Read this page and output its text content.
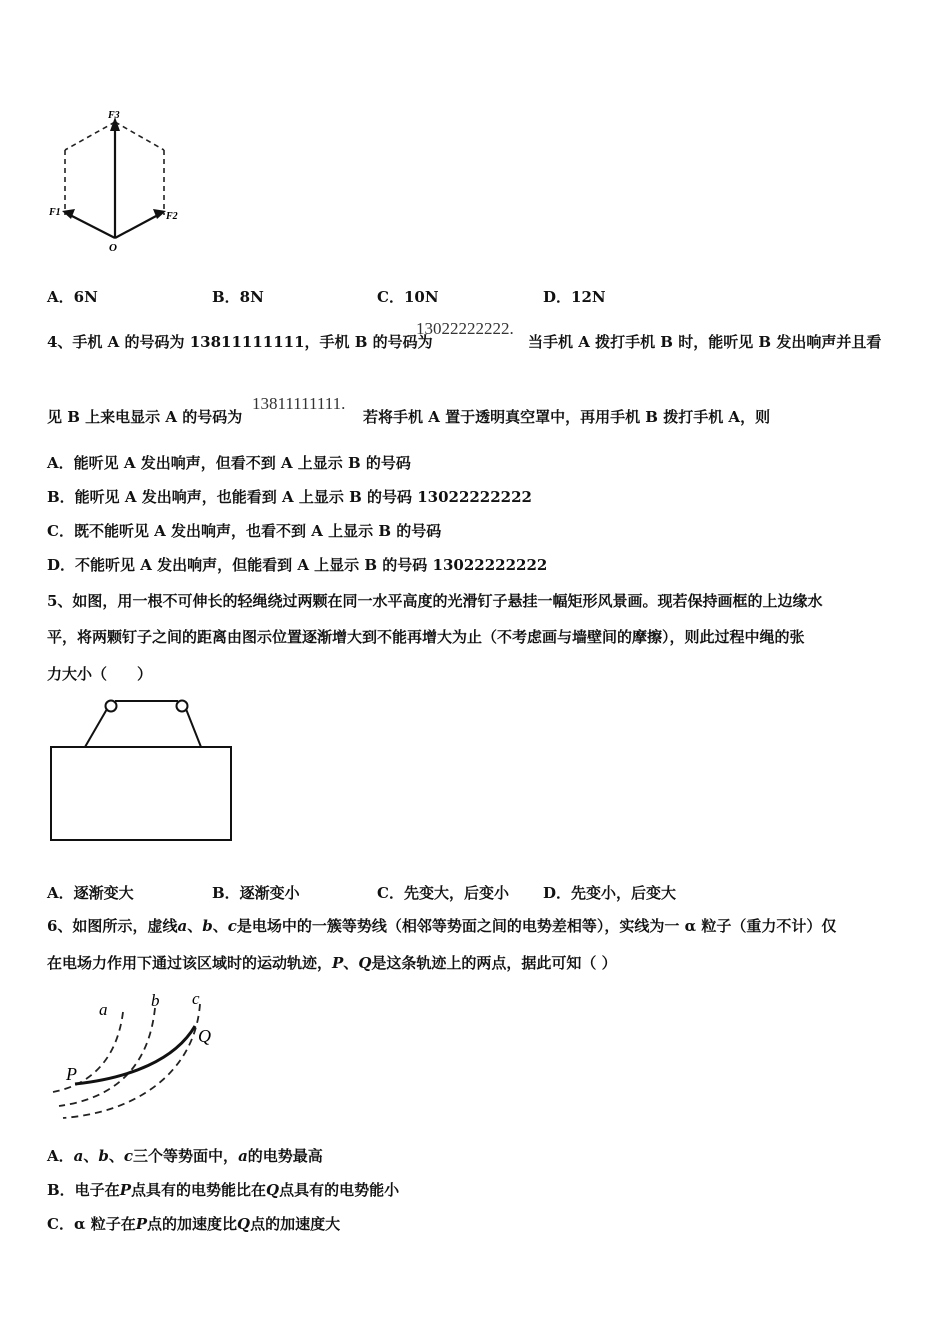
F3
F1	F2
O
A．6N	B．8N	C．10N	D．12N
4、手机 A 的号码为 13811111111，手机 B 的号码为
13022222222.
当手机 A 拨打手机 B 时，能听见 B 发出响声并且看
见 B 上来电显示 A 的号码为
13811111111.
若将手机 A 置于透明真空罩中，再用手机 B 拨打手机 A，则
A．能听见 A 发出响声，但看不到 A 上显示 B 的号码
B．能听见 A 发出响声，也能看到 A 上显示 B 的号码 13022222222
C．既不能听见 A 发出响声，也看不到 A 上显示 B 的号码
D．不能听见 A 发出响声，但能看到 A 上显示 B 的号码 13022222222
5、如图，用一根不可伸长的轻绳绕过两颗在同一水平高度的光滑钉子悬挂一幅矩形风景画。现若保持画框的上边缘水
平，将两颗钉子之间的距离由图示位置逐渐增大到不能再增大为止（不考虑画与墙壁间的摩擦），则此过程中绳的张
力大小（　　）
A．逐渐变大	B．逐渐变小	C．先变大，后变小 D．先变小，后变大
6、如图所示，虚线a、b、c是电场中的一簇等势线（相邻等势面之间的电势差相等），实线为一 α 粒子（重力不计）仅
在电场力作用下通过该区域时的运动轨迹，P、Q是这条轨迹上的两点，据此可知（ ）
a	b c
P
Q
A．a、b、c三个等势面中，a的电势最高
B．电子在P点具有的电势能比在Q点具有的电势能小
C．α 粒子在P点的加速度比Q点的加速度大
